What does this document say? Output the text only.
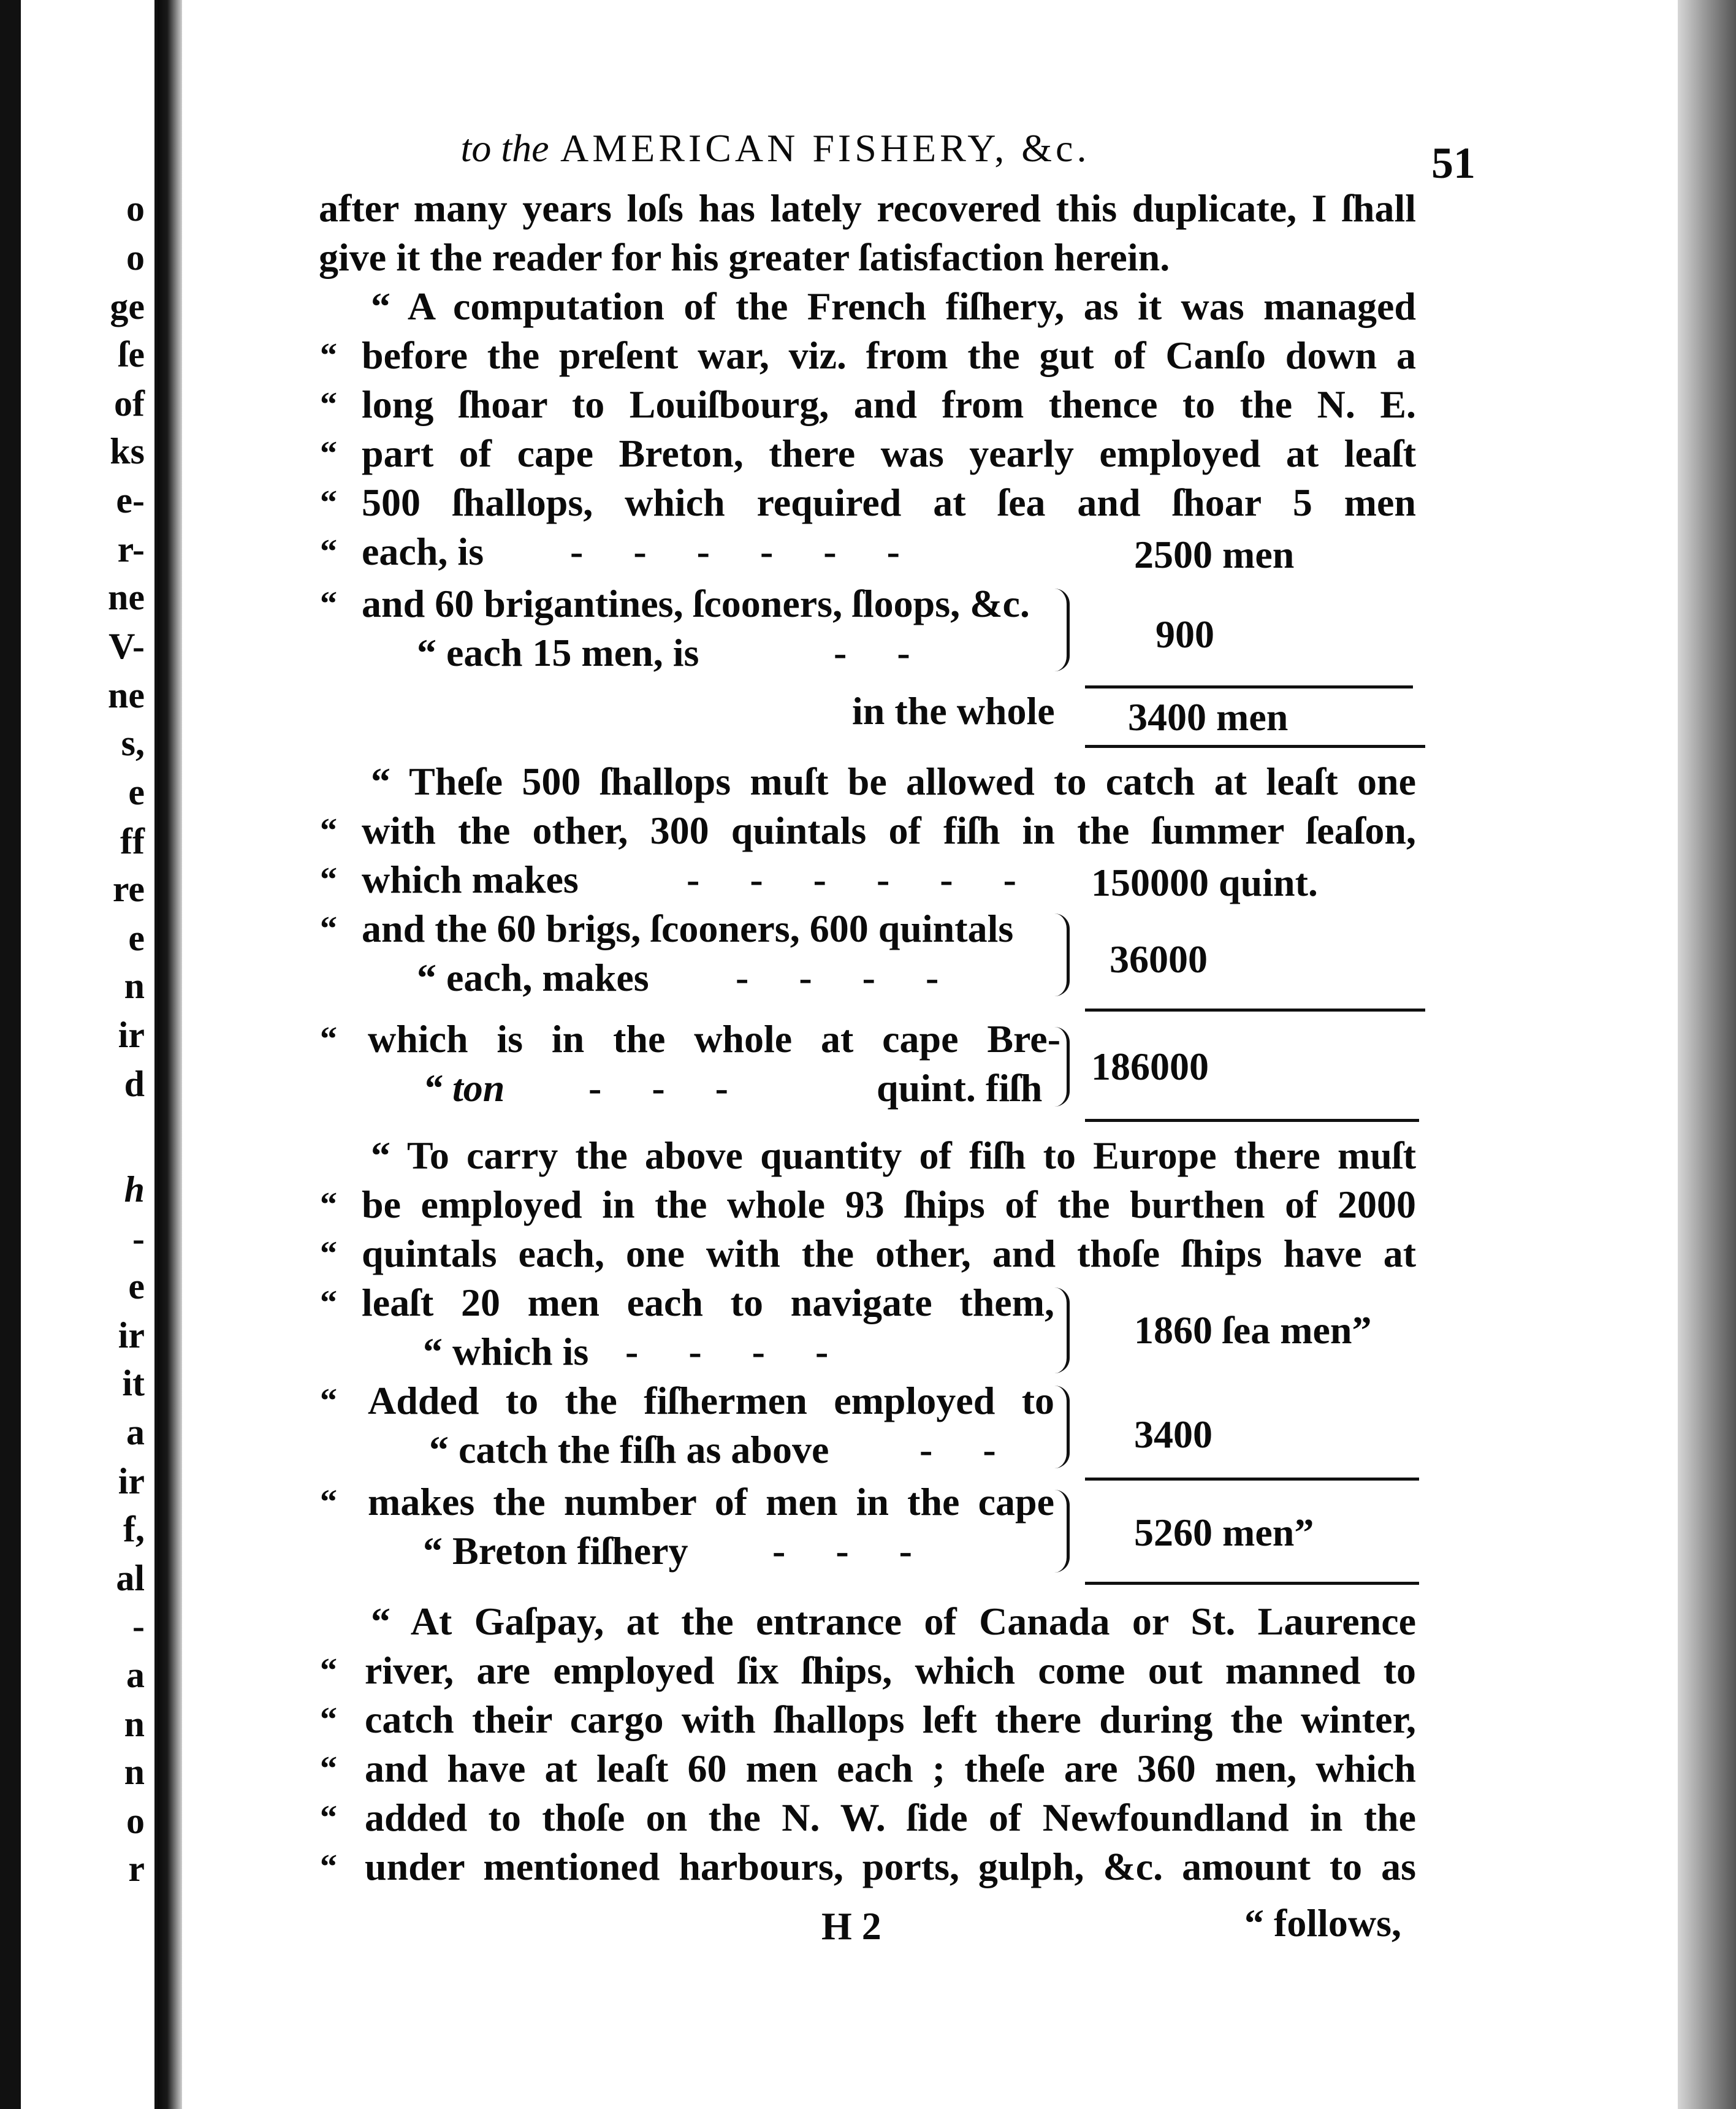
o
o
ge
ſe
of
ks
e-
r-
ne
V-
ne
s,
e
ff
re
e
n
ir
d
h
-
e
ir
it
a
ir
f,
al
-
a
n
n
o
r
to the AMERICAN FISHERY, &c.	51
after many years loſs has lately recovered this duplicate, I ſhall
give it the reader for his greater ſatisfaction herein.
“ A computation of the French fiſhery, as it was managed
“ before the preſent war, viz. from the gut of Canſo down a
“ long ſhoar to Louiſbourg, and from thence to the N. E.
“ part of cape Breton, there was yearly employed at leaſt
“ 500 ſhallops, which required at ſea and ſhoar 5 men
“ each, is - - - - - -	2500 men
“ and 60 brigantines, ſcooners, ſloops, &c.
“ each 15 men, is	- -	900
in the whole 3400 men
“ Theſe 500 ſhallops muſt be allowed to catch at leaſt one
“ with the other, 300 quintals of fiſh in the ſummer ſeaſon,
“ which makes	- - - - - - 150000 quint.
“ and the 60 brigs, ſcooners, 600 quintals
“ each, makes - - - -	36000
“ which is in the whole at cape Bre-
“ ton - - -	quint. fiſh 186000
“ To carry the above quantity of fiſh to Europe there muſt
“ be employed in the whole 93 ſhips of the burthen of 2000
“ quintals each, one with the other, and thoſe ſhips have at
“ leaſt 20 men each to navigate them,
“ which is - - - -	1860 ſea men”
“ Added to the fiſhermen employed to
“ catch the fiſh as above - -	3400
“ makes the number of men in the cape
“ Breton fiſhery - - -	5260 men”
“ At Gaſpay, at the entrance of Canada or St. Laurence
“ river, are employed ſix ſhips, which come out manned to
“ catch their cargo with ſhallops left there during the winter,
“ and have at leaſt 60 men each ; theſe are 360 men, which
“ added to thoſe on the N. W. ſide of Newfoundland in the
“ under mentioned harbours, ports, gulph, &c. amount to as
H 2	“ follows,
